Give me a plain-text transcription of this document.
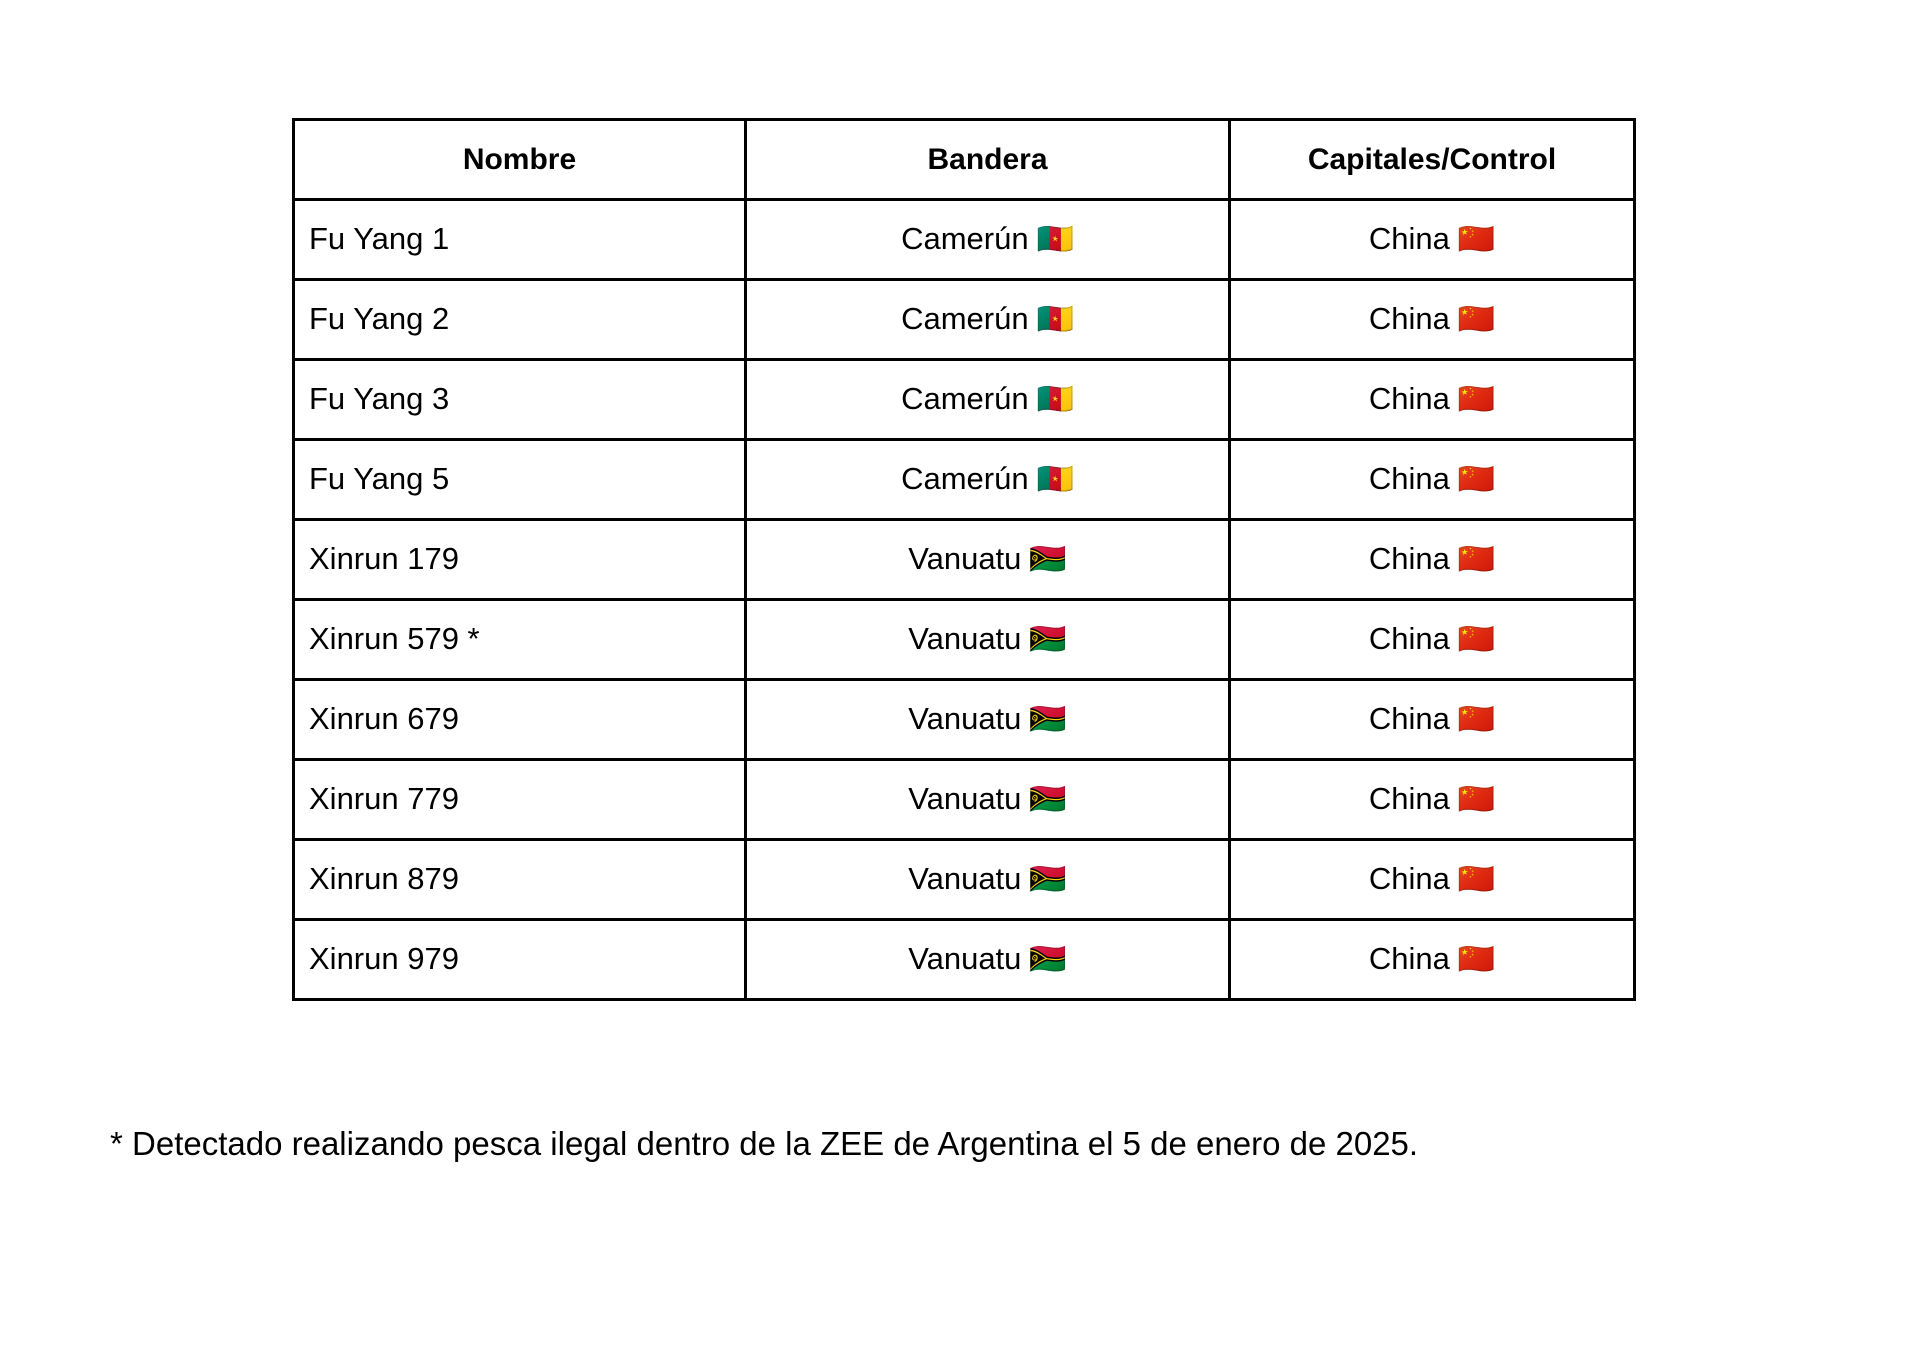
Nombre	Bandera	Capitales/Control
Fu Yang 1	Camerún 🇨🇲	China 🇨🇳
Fu Yang 2	Camerún 🇨🇲	China 🇨🇳
Fu Yang 3	Camerún 🇨🇲	China 🇨🇳
Fu Yang 5	Camerún 🇨🇲	China 🇨🇳
Xinrun 179	Vanuatu 🇻🇺	China 🇨🇳
Xinrun 579 *	Vanuatu 🇻🇺	China 🇨🇳
Xinrun 679	Vanuatu 🇻🇺	China 🇨🇳
Xinrun 779	Vanuatu 🇻🇺	China 🇨🇳
Xinrun 879	Vanuatu 🇻🇺	China 🇨🇳
Xinrun 979	Vanuatu 🇻🇺	China 🇨🇳
* Detectado realizando pesca ilegal dentro de la ZEE de Argentina el 5 de enero de 2025.
